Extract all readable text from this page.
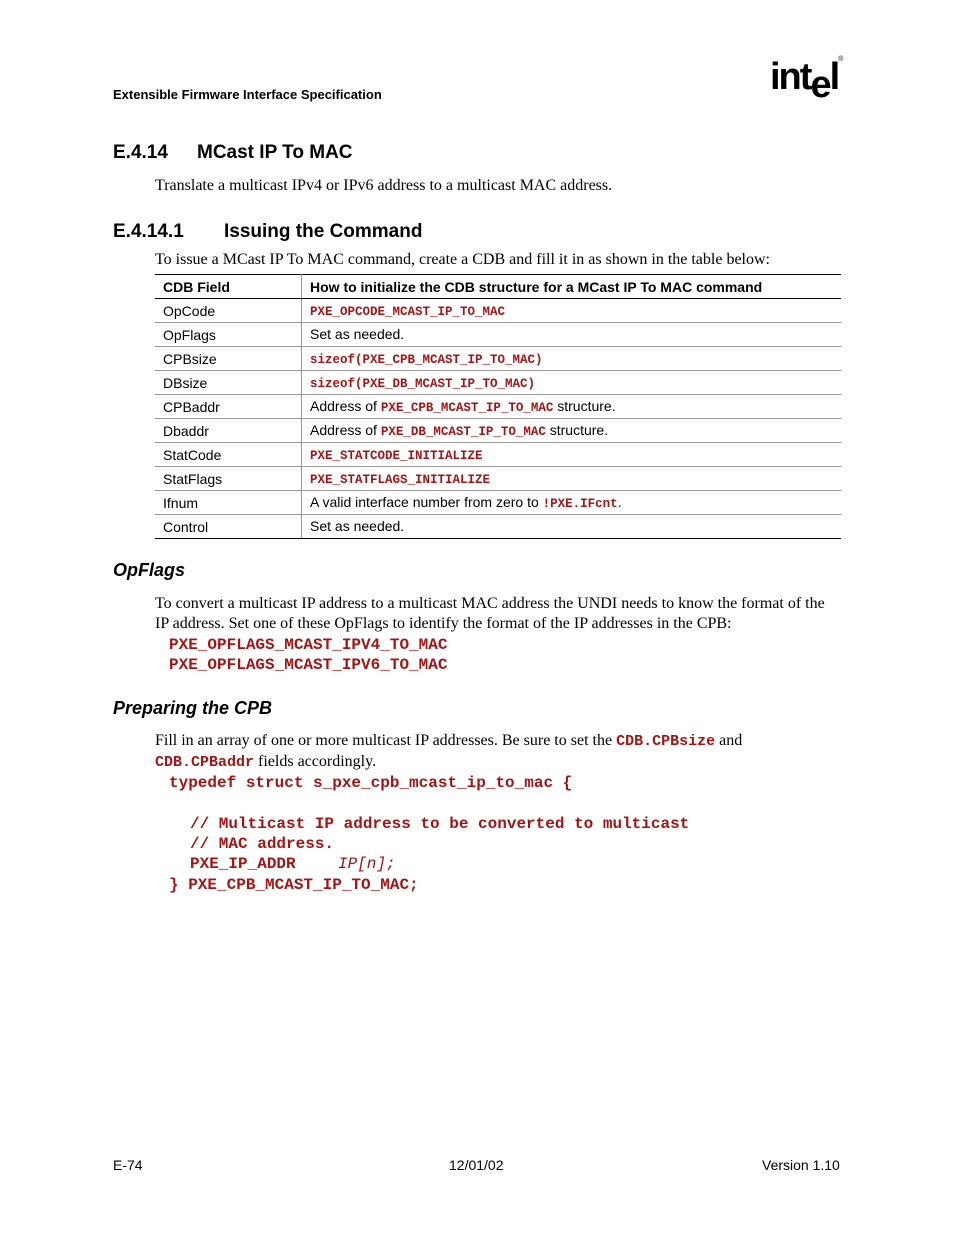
Extensible Firmware Interface Specification	intel®
E.4.14 MCast IP To MAC
Translate a multicast IPv4 or IPv6 address to a multicast MAC address.
E.4.14.1 Issuing the Command
To issue a MCast IP To MAC command, create a CDB and fill it in as shown in the table below:
CDB Field	How to initialize the CDB structure for a MCast IP To MAC command
OpCode	PXE_OPCODE_MCAST_IP_TO_MAC
OpFlags	Set as needed.
CPBsize	sizeof(PXE_CPB_MCAST_IP_TO_MAC)
DBsize	sizeof(PXE_DB_MCAST_IP_TO_MAC)
CPBaddr	Address of PXE_CPB_MCAST_IP_TO_MAC structure.
Dbaddr	Address of PXE_DB_MCAST_IP_TO_MAC structure.
StatCode	PXE_STATCODE_INITIALIZE
StatFlags	PXE_STATFLAGS_INITIALIZE
Ifnum	A valid interface number from zero to !PXE.IFcnt.
Control	Set as needed.
OpFlags
To convert a multicast IP address to a multicast MAC address the UNDI needs to know the format of the IP address. Set one of these OpFlags to identify the format of the IP addresses in the CPB:
PXE_OPFLAGS_MCAST_IPV4_TO_MAC
PXE_OPFLAGS_MCAST_IPV6_TO_MAC
Preparing the CPB
Fill in an array of one or more multicast IP addresses. Be sure to set the CDB.CPBsize and
CDB.CPBaddr fields accordingly.
typedef struct s_pxe_cpb_mcast_ip_to_mac {
// Multicast IP address to be converted to multicast
// MAC address.
PXE_IP_ADDR	IP[n];
} PXE_CPB_MCAST_IP_TO_MAC;
E-74	12/01/02	Version 1.10
